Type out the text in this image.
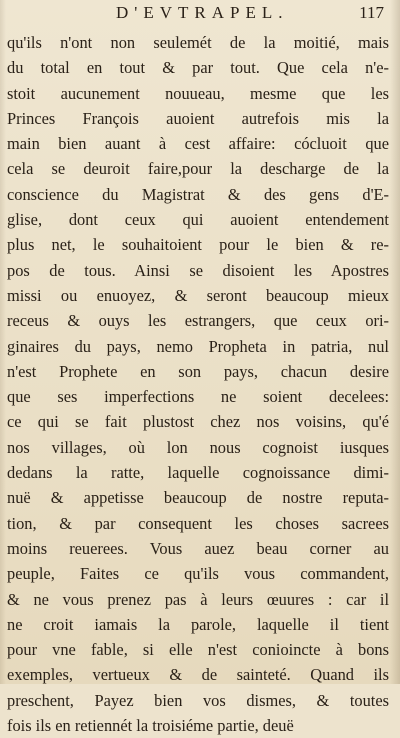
D'EVTRAPEL.	117
qu'ils n'ont non seulemét de la moitié, mais
du total en tout & par tout. Que cela n'e-
stoit aucunement nouueau, mesme que les
Princes François auoient autrefois mis la
main bien auant à cest affaire: cócluoit que
cela se deuroit faire,pour la descharge de la
conscience du Magistrat & des gens d'E-
glise, dont ceux qui auoient entendement
plus net, le souhaitoient pour le bien & re-
pos de tous. Ainsi se disoient les Apostres
missi ou enuoyez, & seront beaucoup mieux
receus & ouys les estrangers, que ceux ori-
ginaires du pays, nemo Propheta in patria, nul
n'est Prophete en son pays, chacun desire
que ses imperfections ne soient decelees:
ce qui se fait plustost chez nos voisins, qu'é
nos villages, où lon nous cognoist iusques
dedans la ratte, laquelle cognoissance dimi-
nuë & appetisse beaucoup de nostre reputa-
tion, & par consequent les choses sacrees
moins reuerees. Vous auez beau corner au
peuple, Faites ce qu'ils vous commandent,
& ne vous prenez pas à leurs œuures : car il
ne croit iamais la parole, laquelle il tient
pour vne fable, si elle n'est conioincte à bons
exemples, vertueux & de sainteté. Quand ils
preschent, Payez bien vos dismes, & toutes
fois ils en retiennét la troisiéme partie, deuë
